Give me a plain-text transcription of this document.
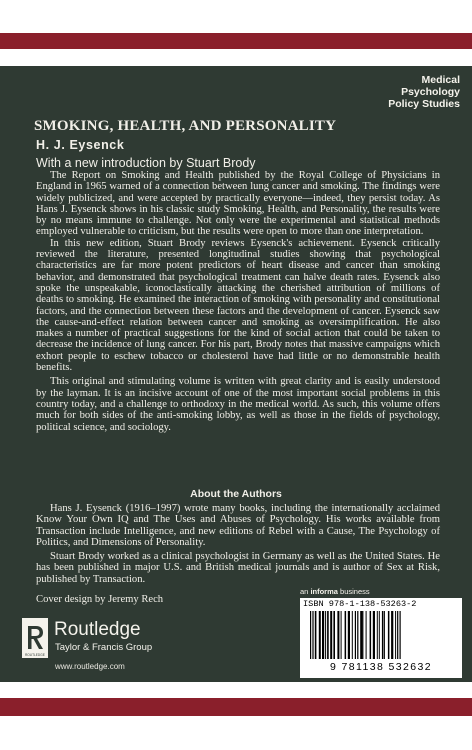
Medical
Psychology
Policy Studies
SMOKING, HEALTH, AND PERSONALITY
H. J. Eysenck
With a new introduction by Stuart Brody

The Report on Smoking and Health published by the Royal College of Physicians in England in 1965 warned of a connection between lung cancer and smoking. The findings were widely publicized, and were accepted by practically everyone—indeed, they persist today. As Hans J. Eysenck shows in his classic study Smoking, Health, and Personality, the results were by no means immune to challenge. Not only were the experimental and statistical methods employed vulnerable to criticism, but the results were open to more than one interpretation.

In this new edition, Stuart Brody reviews Eysenck's achievement. Eysenck critically reviewed the literature, presented longitudinal studies showing that psychological characteristics are far more potent predictors of heart disease and cancer than smoking behavior, and demonstrated that psychological treatment can halve death rates. Eysenck also spoke the unspeakable, iconoclastically attacking the cherished attribution of millions of deaths to smoking. He examined the interaction of smoking with personality and constitutional factors, and the connection between these factors and the development of cancer. Eysenck saw the cause-and-effect relation between cancer and smoking as oversimplification. He also makes a number of practical suggestions for the kind of social action that could be taken to decrease the incidence of lung cancer. For his part, Brody notes that massive campaigns which exhort people to eschew tobacco or cholesterol have had little or no demonstrable health benefits.

This original and stimulating volume is written with great clarity and is easily understood by the layman. It is an incisive account of one of the most important social problems in this country today, and a challenge to orthodoxy in the medical world. As such, this volume offers much for both sides of the anti-smoking lobby, as well as those in the fields of psychology, political science, and sociology.

About the Authors

Hans J. Eysenck (1916–1997) wrote many books, including the internationally acclaimed Know Your Own IQ and The Uses and Abuses of Psychology. His works available from Transaction include Intelligence, and new editions of Rebel with a Cause, The Psychology of Politics, and Dimensions of Personality.

Stuart Brody worked as a clinical psychologist in Germany as well as the United States. He has been published in major U.S. and British medical journals and is author of Sex at Risk, published by Transaction.

Cover design by Jeremy Rech
ROUTLEDGE
Routledge
Taylor & Francis Group
www.routledge.com
an informa business
ISBN 978-1-138-53263-2
9 781138 532632
